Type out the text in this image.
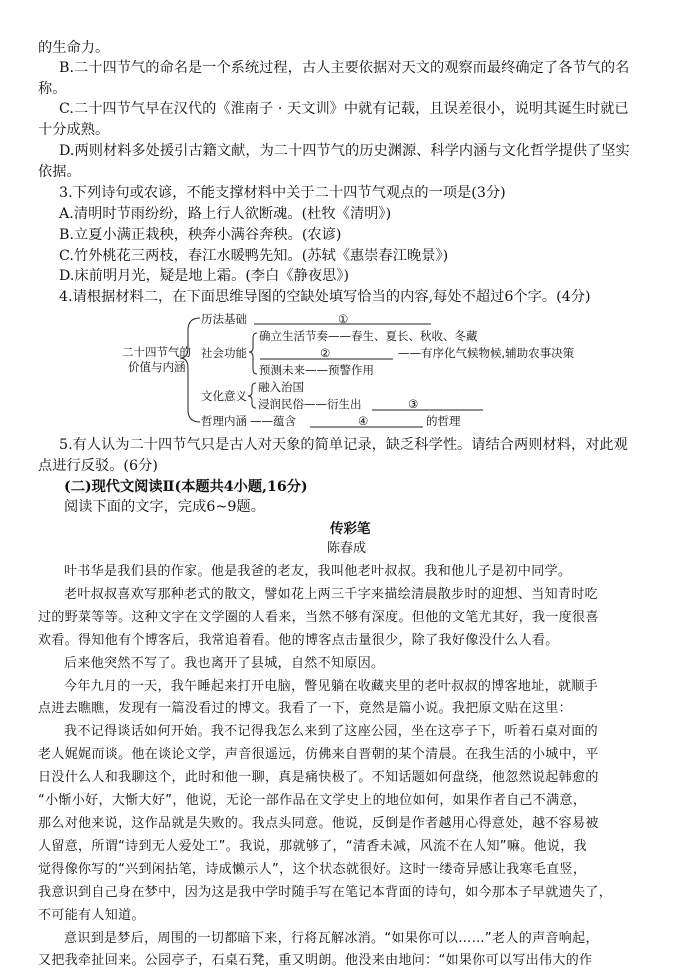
的生命力。
B.二十四节气的命名是一个系统过程，古人主要依据对天文的观察而最终确定了各节气的名
称。
C.二十四节气早在汉代的《淮南子 · 天文训》中就有记载，且误差很小，说明其诞生时就已
十分成熟。
D.两则材料多处援引古籍文献，为二十四节气的历史渊源、科学内涵与文化哲学提供了坚实
依据。
3.下列诗句或农谚，不能支撑材料中关于二十四节气观点的一项是(3分)
A.清明时节雨纷纷，路上行人欲断魂。(杜牧《清明》)
B.立夏小满正栽秧，秧奔小满谷奔秧。(农谚)
C.竹外桃花三两枝，春江水暖鸭先知。(苏轼《惠崇春江晚景》)
D.床前明月光，疑是地上霜。(李白《静夜思》)
4.请根据材料二，在下面思维导图的空缺处填写恰当的内容,每处不超过6个字。(4分)
二十四节气的
价值与内涵
历法基础	①
社会功能
确立生活节奏——春生、夏长、秋收、冬藏
②	——有序化气候物候,辅助农事决策
预测未来——预警作用
文化意义
融入治国
浸润民俗——衍生出	③
哲理内涵 ——蕴含	④	的哲理
5.有人认为二十四节气只是古人对天象的简单记录，缺乏科学性。请结合两则材料，对此观
点进行反驳。(6分)
(二)现代文阅读Ⅱ(本题共4小题,16分)
阅读下面的文字，完成6~9题。
传彩笔
陈春成
叶书华是我们县的作家。他是我爸的老友，我叫他老叶叔叔。我和他儿子是初中同学。
老叶叔叔喜欢写那种老式的散文，譬如花上两三千字来描绘清晨散步时的迎想、当知青时吃
过的野菜等等。这种文字在文学圈的人看来，当然不够有深度。但他的文笔尤其好，我一度很喜
欢看。得知他有个博客后，我常追着看。他的博客点击量很少，除了我好像没什么人看。
后来他突然不写了。我也离开了县城，自然不知原因。
今年九月的一天，我午睡起来打开电脑，瞥见躺在收藏夹里的老叶叔叔的博客地址，就顺手
点进去瞧瞧，发现有一篇没看过的博文。我看了一下，竟然是篇小说。我把原文贴在这里：
我不记得谈话如何开始。我不记得我怎么来到了这座公园，坐在这亭子下，听着石桌对面的
老人娓娓而谈。他在谈论文学，声音很遥远，仿佛来自晋朝的某个清晨。在我生活的小城中，平
日没什么人和我聊这个，此时和他一聊，真是痛快极了。不知话题如何盘绕，他忽然说起韩愈的
“小惭小好，大惭大好”，他说，无论一部作品在文学史上的地位如何，如果作者自己不满意，
那么对他来说，这作品就是失败的。我点头同意。他说，反倒是作者越用心得意处，越不容易被
人留意，所谓“诗到无人爱处工”。我说，那就够了，“清香未减，风流不在人知”嘛。他说，我
觉得像你写的“兴到闲拈笔，诗成懒示人”，这个状态就很好。这时一缕奇异感让我寒毛直竖，
我意识到自己身在梦中，因为这是我中学时随手写在笔记本背面的诗句，如今那本子早就遗失了，
不可能有人知道。
意识到是梦后，周围的一切都暗下来，行将瓦解冰消。“如果你可以……”老人的声音响起，
又把我牵扯回来。公园亭子，石桌石凳，重又明朗。他没来由地问：“如果你可以写出伟大的作
